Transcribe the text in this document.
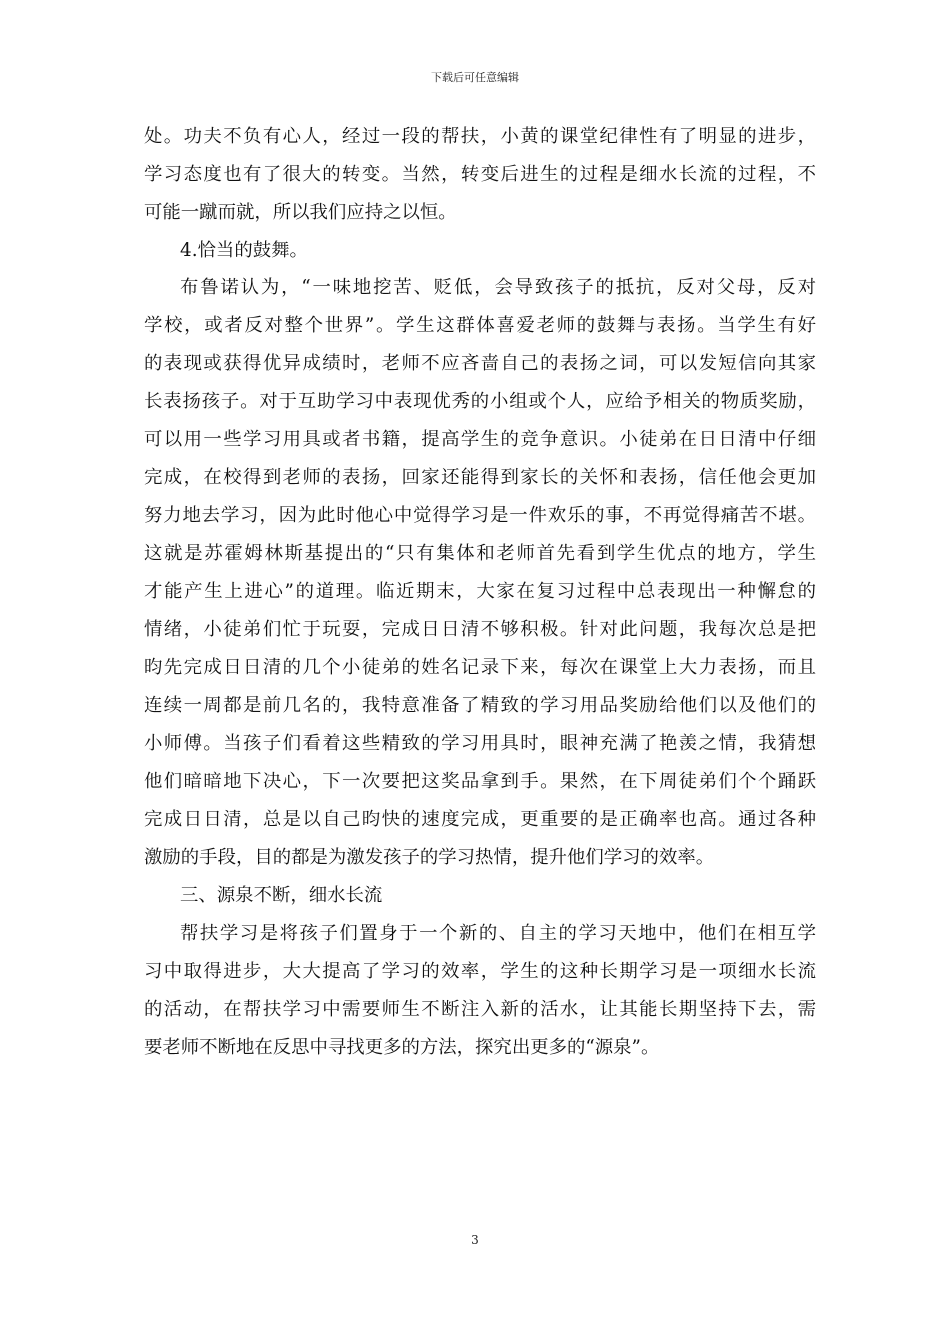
下载后可任意编辑
处。功夫不负有心人，经过一段的帮扶，小黄的课堂纪律性有了明显的进步，
学习态度也有了很大的转变。当然，转变后进生的过程是细水长流的过程，不
可能一蹴而就，所以我们应持之以恒。
4.恰当的鼓舞。
布鲁诺认为，“一味地挖苦、贬低，会导致孩子的抵抗，反对父母，反对
学校，或者反对整个世界”。学生这群体喜爱老师的鼓舞与表扬。当学生有好
的表现或获得优异成绩时，老师不应吝啬自己的表扬之词，可以发短信向其家
长表扬孩子。对于互助学习中表现优秀的小组或个人，应给予相关的物质奖励，
可以用一些学习用具或者书籍，提高学生的竞争意识。小徒弟在日日清中仔细
完成，在校得到老师的表扬，回家还能得到家长的关怀和表扬，信任他会更加
努力地去学习，因为此时他心中觉得学习是一件欢乐的事，不再觉得痛苦不堪。
这就是苏霍姆林斯基提出的“只有集体和老师首先看到学生优点的地方，学生
才能产生上进心”的道理。临近期末，大家在复习过程中总表现出一种懈怠的
情绪，小徒弟们忙于玩耍，完成日日清不够积极。针对此问题，我每次总是把
昀先完成日日清的几个小徒弟的姓名记录下来，每次在课堂上大力表扬，而且
连续一周都是前几名的，我特意准备了精致的学习用品奖励给他们以及他们的
小师傅。当孩子们看着这些精致的学习用具时，眼神充满了艳羡之情，我猜想
他们暗暗地下决心，下一次要把这奖品拿到手。果然，在下周徒弟们个个踊跃
完成日日清，总是以自己昀快的速度完成，更重要的是正确率也高。通过各种
激励的手段，目的都是为激发孩子的学习热情，提升他们学习的效率。
三、源泉不断，细水长流
帮扶学习是将孩子们置身于一个新的、自主的学习天地中，他们在相互学
习中取得进步，大大提高了学习的效率，学生的这种长期学习是一项细水长流
的活动，在帮扶学习中需要师生不断注入新的活水，让其能长期坚持下去，需
要老师不断地在反思中寻找更多的方法，探究出更多的“源泉”。
3
